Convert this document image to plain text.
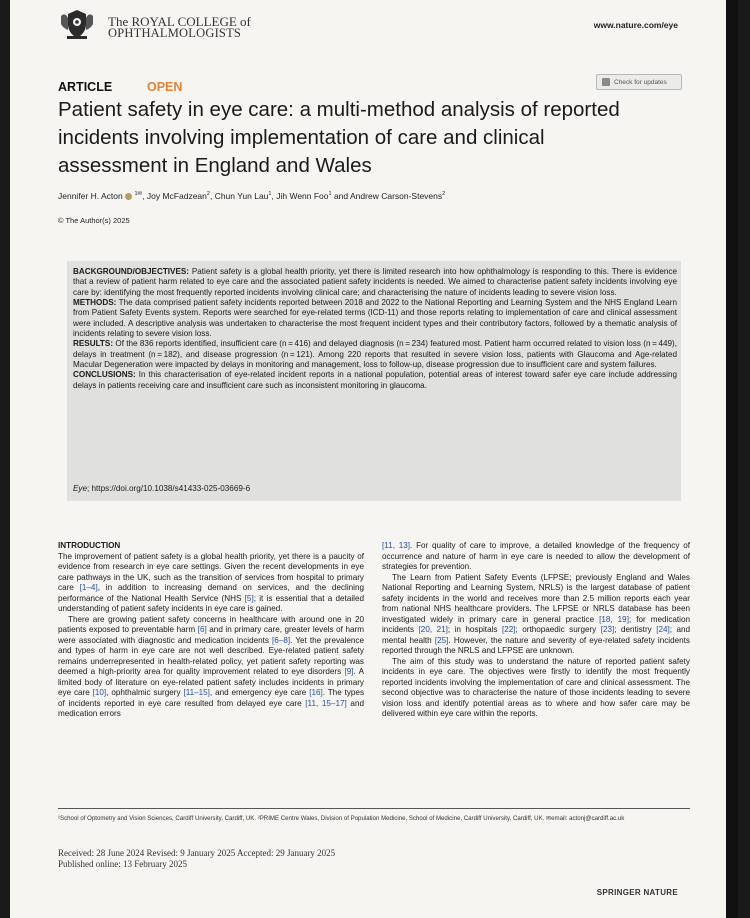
The ROYAL COLLEGE of
OPHTHALMOLOGISTS
www.nature.com/eye
ARTICLE	OPEN	Check for updates
Patient safety in eye care: a multi-method analysis of reported
incidents involving implementation of care and clinical
assessment in England and Wales
Jennifer H. Acton $^{1✉}$, Joy McFadzean$^2$, Chun Yun Lau$^1$, Jih Wenn Foo$^1$ and Andrew Carson-Stevens$^2$
© The Author(s) 2025

BACKGROUND/OBJECTIVES: Patient safety is a global health priority, yet there is limited research into how ophthalmology is responding to this. There is evidence that a review of patient harm related to eye care and the associated patient safety incidents is needed. We aimed to characterise patient safety incidents involving eye care by: identifying the most frequently reported incidents involving clinical care; and characterising the nature of incidents leading to severe vision loss.

METHODS: The data comprised patient safety incidents reported between 2018 and 2022 to the National Reporting and Learning System and the NHS England Learn from Patient Safety Events system. Reports were searched for eye-related terms (ICD-11) and those reports relating to implementation of care and clinical assessment were included. A descriptive analysis was undertaken to characterise the most frequent incident types and their contributory factors, followed by a thematic analysis of incidents relating to severe vision loss.

RESULTS: Of the 836 reports identified, insufficient care (n = 416) and delayed diagnosis (n = 234) featured most. Patient harm occurred related to vision loss (n = 449), delays in treatment (n = 182), and disease progression (n = 121). Among 220 reports that resulted in severe vision loss, patients with Glaucoma and Age-related Macular Degeneration were impacted by delays in monitoring and management, loss to follow-up, disease progression due to insufficient care and system failures.

CONCLUSIONS: In this characterisation of eye-related incident reports in a national population, potential areas of interest toward safer eye care include addressing delays in patients receiving care and insufficient care such as inconsistent monitoring in glaucoma.

Eye; https://doi.org/10.1038/s41433-025-03669-6
INTRODUCTION

The improvement of patient safety is a global health priority, yet there is a paucity of evidence from research in eye care settings. Given the recent developments in eye care pathways in the UK, such as the transition of services from hospital to primary care [1–4], in addition to increasing demand on services, and the declining performance of the National Health Service (NHS [5]; it is essential that a detailed understanding of patient safety incidents in eye care is gained.

There are growing patient safety concerns in healthcare with around one in 20 patients exposed to preventable harm [6] and in primary care, greater levels of harm were associated with diagnostic and medication incidents [6–8]. Yet the prevalence and types of harm in eye care are not well described. Eye-related patient safety remains underrepresented in health-related policy, yet patient safety reporting was deemed a high-priority area for quality improvement related to eye disorders [9]. A limited body of literature on eye-related patient safety includes incidents in primary eye care [10], ophthalmic surgery [11–15], and emergency eye care [16]. The types of incidents reported in eye care resulted from delayed eye care [11, 15–17] and medication errors

[11, 13]. For quality of care to improve, a detailed knowledge of the frequency of occurrence and nature of harm in eye care is needed to allow the development of strategies for prevention.

The Learn from Patient Safety Events (LFPSE; previously England and Wales National Reporting and Learning System, NRLS) is the largest database of patient safety incidents in the world and receives more than 2.5 million reports each year from national NHS healthcare providers. The LFPSE or NRLS database has been investigated widely in primary care in general practice [18, 19]; for medication incidents [20, 21]; in hospitals [22]; orthopaedic surgery [23]; dentistry [24]; and mental health [25]. However, the nature and severity of eye-related safety incidents reported through the NRLS and LFPSE are unknown.

The aim of this study was to understand the nature of reported patient safety incidents in eye care. The objectives were firstly to identify the most frequently reported incidents involving the implementation of care and clinical assessment. The second objective was to characterise the nature of those incidents leading to severe vision loss and identify potential areas as to where and how safer care may be delivered within eye care within the reports.

¹School of Optometry and Vision Sciences, Cardiff University, Cardiff, UK. ²PRIME Centre Wales, Division of Population Medicine, School of Medicine, Cardiff University, Cardiff, UK. ✉email: actonj@cardiff.ac.uk
Received: 28 June 2024 Revised: 9 January 2025 Accepted: 29 January 2025
Published online: 13 February 2025
SPRINGER NATURE
